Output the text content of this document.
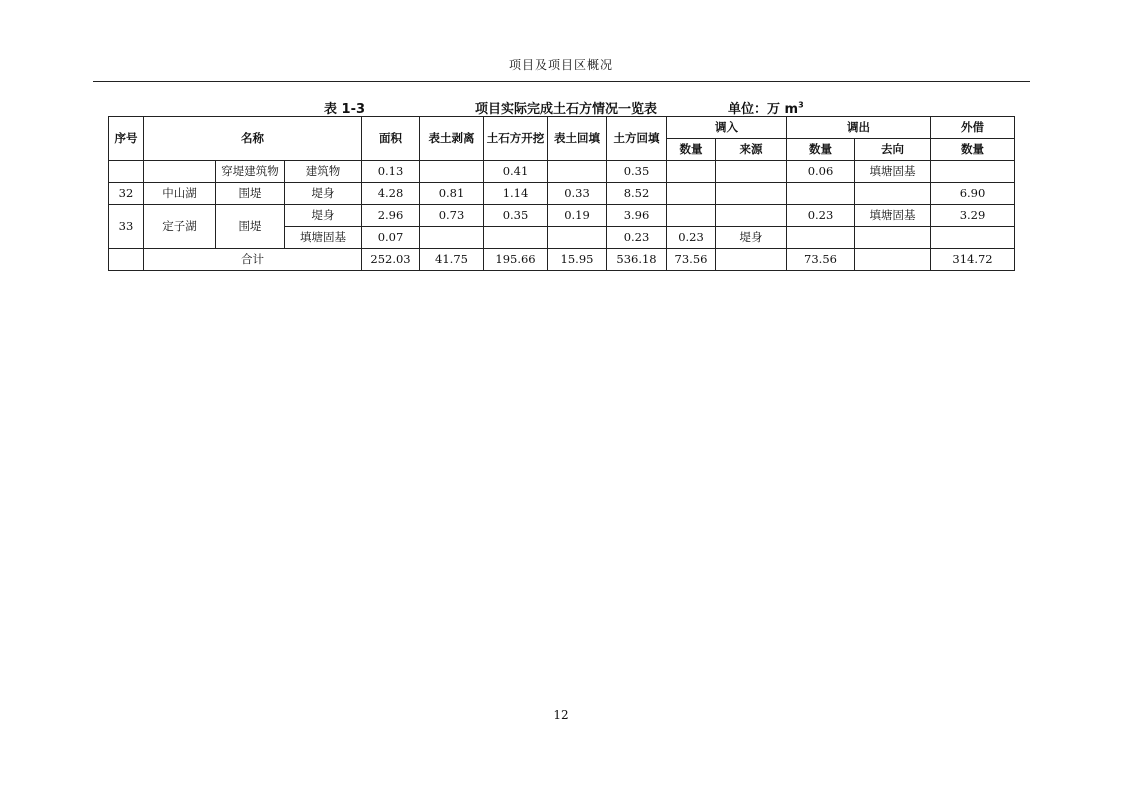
项目及项目区概况
表 1-3	项目实际完成土石方情况一览表	单位：万 $m^3$
序号	名称			面积	表土剥离	土石方开挖	表土回填	土方回填	调入		调出		外借
									数量	来源	数量	去向	数量
		穿堤建筑物	建筑物	0.13		0.41		0.35			0.06	填塘固基	
32	中山湖	围堤	堤身	4.28	0.81	1.14	0.33	8.52					6.90
33	定子湖	围堤	堤身	2.96	0.73	0.35	0.19	3.96			0.23	填塘固基	3.29
			填塘固基	0.07				0.23	0.23	堤身			
	合计			252.03	41.75	195.66	15.95	536.18	73.56		73.56		314.72
12
